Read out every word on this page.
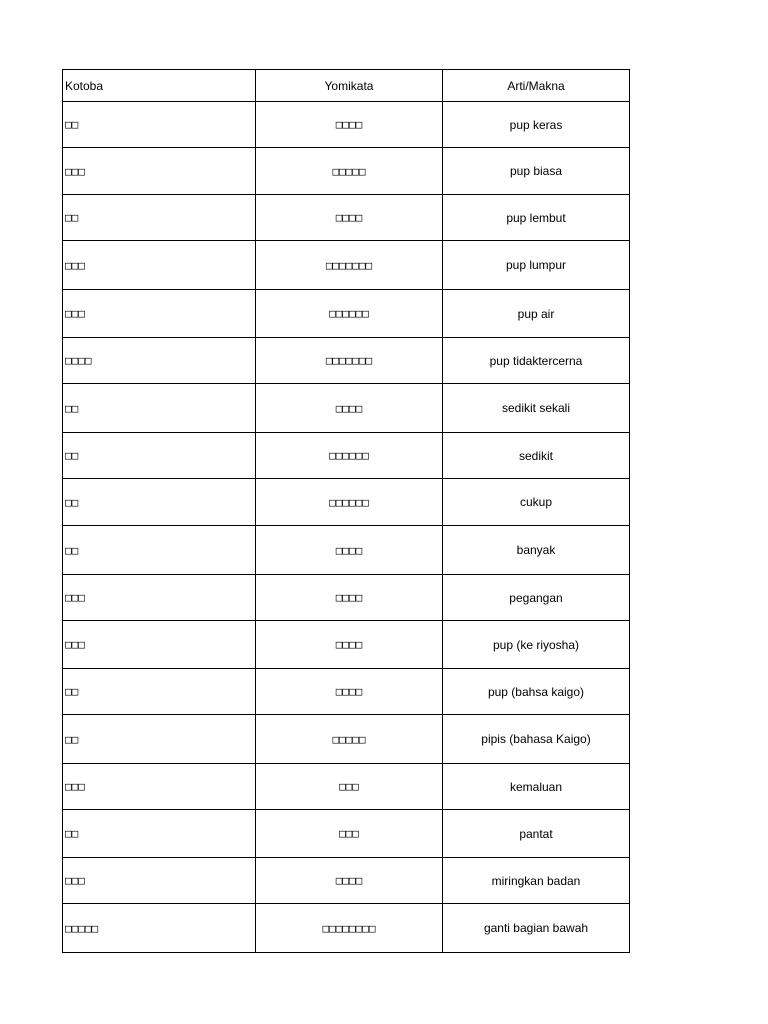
Kotoba	Yomikata	Arti/Makna
□□	□□□□	pup keras
□□□	□□□□□	pup biasa
□□	□□□□	pup lembut
□□□	□□□□□□□	pup lumpur
□□□	□□□□□□	pup air
□□□□	□□□□□□□	pup tidaktercerna
□□	□□□□	sedikit sekali
□□	□□□□□□	sedikit
□□	□□□□□□	cukup
□□	□□□□	banyak
□□□	□□□□	pegangan
□□□	□□□□	pup (ke riyosha)
□□	□□□□	pup (bahsa kaigo)
□□	□□□□□	pipis (bahasa Kaigo)
□□□	□□□	kemaluan
□□	□□□	pantat
□□□	□□□□	miringkan badan
□□□□□	□□□□□□□□	ganti bagian bawah
